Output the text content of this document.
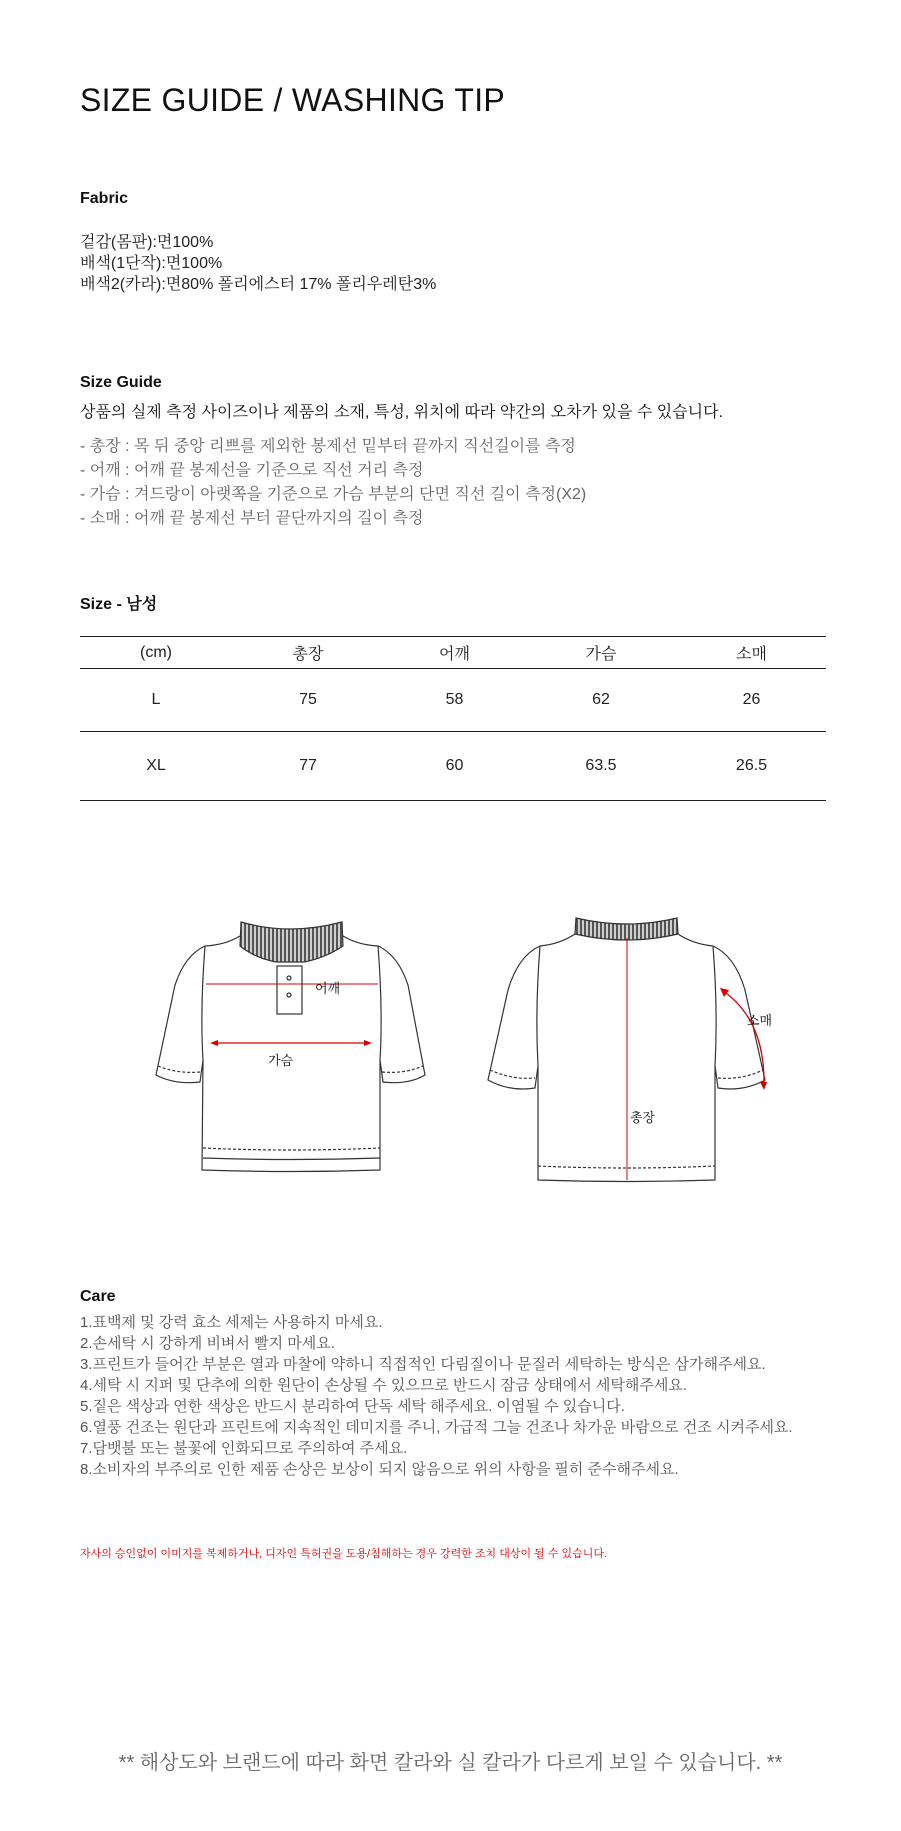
SIZE GUIDE / WASHING TIP
Fabric
겉감(몸판):면100%
배색(1단작):면100%
배색2(카라):면80% 폴리에스터 17% 폴리우레탄3%
Size Guide
상품의 실제 측정 사이즈이나 제품의 소재, 특성, 위치에 따라 약간의 오차가 있을 수 있습니다.
- 총장 : 목 뒤 중앙 리쁘를 제외한 봉제선 밑부터 끝까지 직선길이를 측정
- 어깨 : 어깨 끝 봉제선을 기준으로 직선 거리 측정
- 가슴 : 겨드랑이 아랫쪽을 기준으로 가슴 부분의 단면 직선 길이 측정(X2)
- 소매 : 어깨 끝 봉제선 부터 끝단까지의 길이 측정
Size - 남성
(cm)	총장	어깨	가슴	소매
L	75	58	62	26
XL	77	60	63.5	26.5
어깨
가슴
소매
총장
Care
1.표백제 및 강력 효소 세제는 사용하지 마세요.
2.손세탁 시 강하게 비벼서 빨지 마세요.
3.프린트가 들어간 부분은 열과 마찰에 약하니 직접적인 다림질이나 문질러 세탁하는 방식은 삼가해주세요.
4.세탁 시 지퍼 및 단추에 의한 원단이 손상될 수 있으므로 반드시 잠금 상태에서 세탁해주세요.
5.짙은 색상과 연한 색상은 반드시 분리하여 단독 세탁 해주세요. 이염될 수 있습니다.
6.열풍 건조는 원단과 프린트에 지속적인 데미지를 주니, 가급적 그늘 건조나 차가운 바람으로 건조 시켜주세요.
7.담뱃불 또는 불꽃에 인화되므로 주의하여 주세요.
8.소비자의 부주의로 인한 제품 손상은 보상이 되지 않음으로 위의 사항을 필히 준수해주세요.
자사의 승인없이 이미지를 복제하거나, 디자인 특허권을 도용/침해하는 경우 강력한 조치 대상이 될 수 있습니다.
** 해상도와 브랜드에 따라 화면 칼라와 실 칼라가 다르게 보일 수 있습니다. **
